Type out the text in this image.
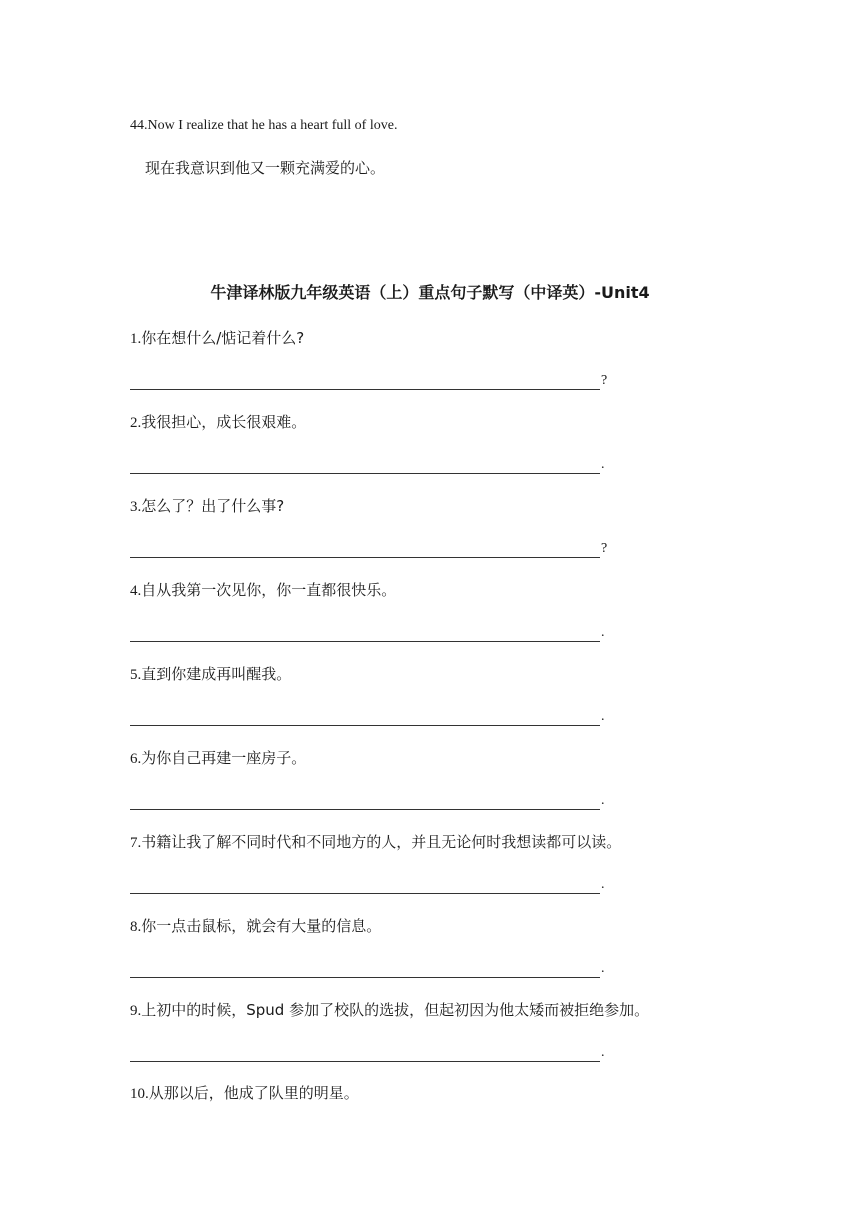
44.Now I realize that he has a heart full of love.
现在我意识到他又一颗充满爱的心。
牛津译林版九年级英语（上）重点句子默写（中译英）-Unit4
1.你在想什么/惦记着什么?
?
2.我很担心，成长很艰难。
.
3.怎么了？出了什么事?
?
4.自从我第一次见你，你一直都很快乐。
.
5.直到你建成再叫醒我。
.
6.为你自己再建一座房子。
.
7.书籍让我了解不同时代和不同地方的人，并且无论何时我想读都可以读。
.
8.你一点击鼠标，就会有大量的信息。
.
9.上初中的时候，Spud 参加了校队的选拔，但起初因为他太矮而被拒绝参加。
.
10.从那以后，他成了队里的明星。
